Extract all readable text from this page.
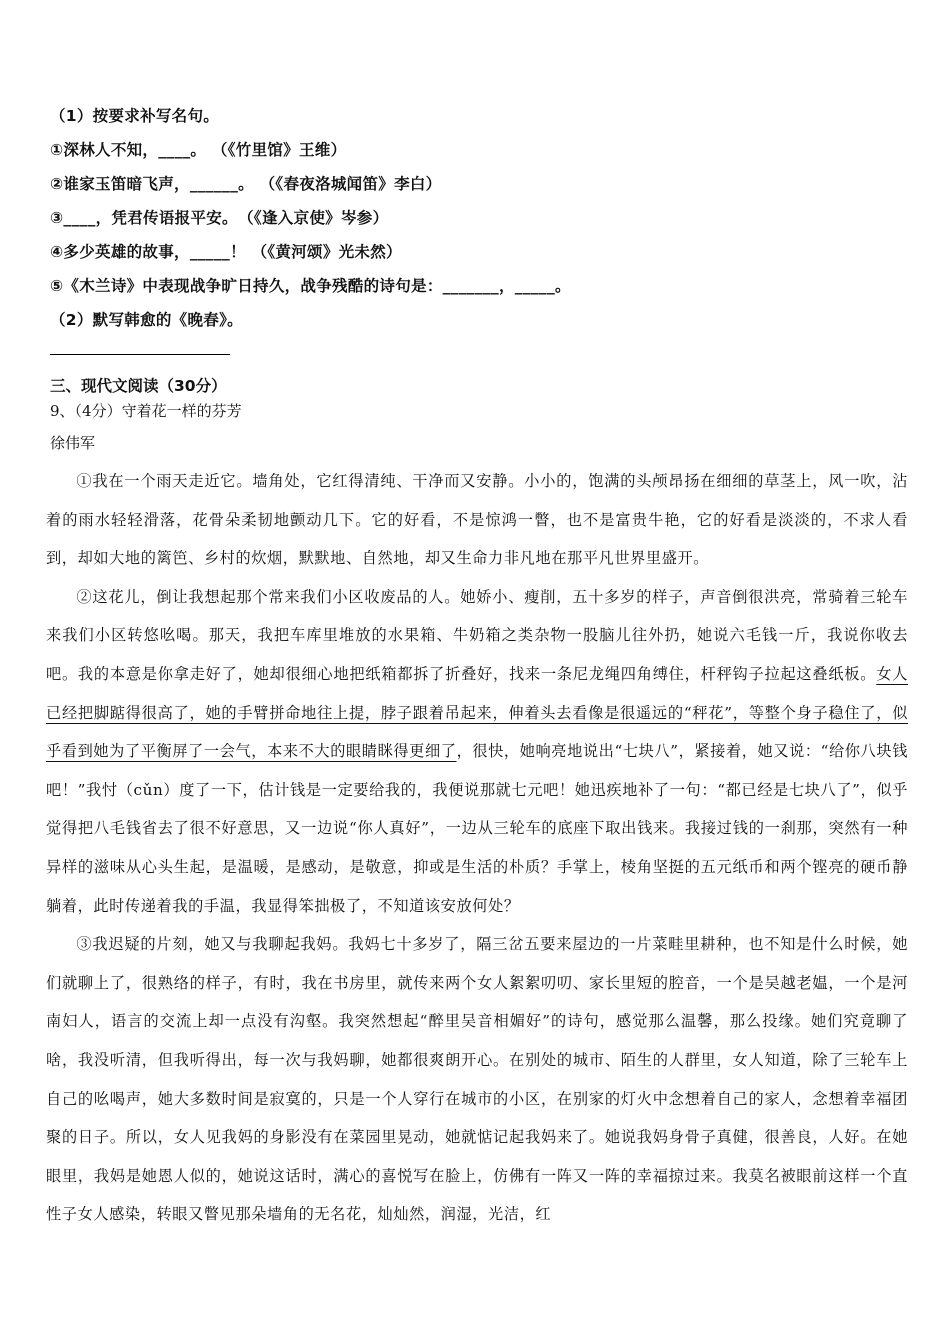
（1）按要求补写名句。
①深林人不知，____。 （《竹里馆》王维）
②谁家玉笛暗飞声，______。 （《春夜洛城闻笛》李白）
③____，凭君传语报平安。　（《逢入京使》岑参）
④多少英雄的故事，_____！ （《黄河颂》光未然）
⑤《木兰诗》中表现战争旷日持久，战争残酷的诗句是：_______，_____。
（2）默写韩愈的《晚春》。
三、现代文阅读（30分）
9、（4分）守着花一样的芬芳
徐伟军

①我在一个雨天走近它。墙角处，它红得清纯、干净而又安静。小小的，饱满的头颅昂扬在细细的草茎上，风一吹，沾着的雨水轻轻滑落，花骨朵柔韧地颤动几下。它的好看，不是惊鸿一瞥，也不是富贵牛艳，它的好看是淡淡的，不求人看到，却如大地的篱笆、乡村的炊烟，默默地、自然地，却又生命力非凡地在那平凡世界里盛开。

②这花儿，倒让我想起那个常来我们小区收废品的人。她娇小、瘦削，五十多岁的样子，声音倒很洪亮，常骑着三轮车来我们小区转悠吆喝。那天，我把车库里堆放的水果箱、牛奶箱之类杂物一股脑儿往外扔，她说六毛钱一斤，我说你收去吧。我的本意是你拿走好了，她却很细心地把纸箱都拆了折叠好，找来一条尼龙绳四角缚住，杆秤钩子拉起这叠纸板。女人已经把脚踮得很高了，她的手臂拼命地往上提，脖子跟着吊起来，伸着头去看像是很遥远的“秤花”，等整个身子稳住了，似乎看到她为了平衡屏了一会气，本来不大的眼睛眯得更细了，很快，她响亮地说出“七块八”，紧接着，她又说：“给你八块钱吧！”我忖（cǔn）度了一下，估计钱是一定要给我的，我便说那就七元吧！她迅疾地补了一句：“都已经是七块八了”，似乎觉得把八毛钱省去了很不好意思，又一边说“你人真好”，一边从三轮车的底座下取出钱来。我接过钱的一刹那，突然有一种异样的滋味从心头生起，是温暖，是感动，是敬意，抑或是生活的朴质？手掌上，棱角坚挺的五元纸币和两个铿亮的硬币静躺着，此时传递着我的手温，我显得笨拙极了，不知道该安放何处？

③我迟疑的片刻，她又与我聊起我妈。我妈七十多岁了，隔三岔五要来屋边的一片菜畦里耕种，也不知是什么时候，她们就聊上了，很熟络的样子，有时，我在书房里，就传来两个女人絮絮叨叨、家长里短的腔音，一个是吴越老媪，一个是河南妇人，语言的交流上却一点没有沟壑。我突然想起“醉里吴音相媚好”的诗句，感觉那么温馨，那么投缘。她们究竟聊了啥，我没听清，但我听得出，每一次与我妈聊，她都很爽朗开心。在别处的城市、陌生的人群里，女人知道，除了三轮车上自己的吆喝声，她大多数时间是寂寞的，只是一个人穿行在城市的小区，在别家的灯火中念想着自己的家人，念想着幸福团聚的日子。所以，女人见我妈的身影没有在菜园里晃动，她就惦记起我妈来了。她说我妈身骨子真健，很善良，人好。在她眼里，我妈是她恩人似的，她说这话时，满心的喜悦写在脸上，仿佛有一阵又一阵的幸福掠过来。我莫名被眼前这样一个直性子女人感染，转眼又瞥见那朵墙角的无名花，灿灿然，润湿，光洁，红
